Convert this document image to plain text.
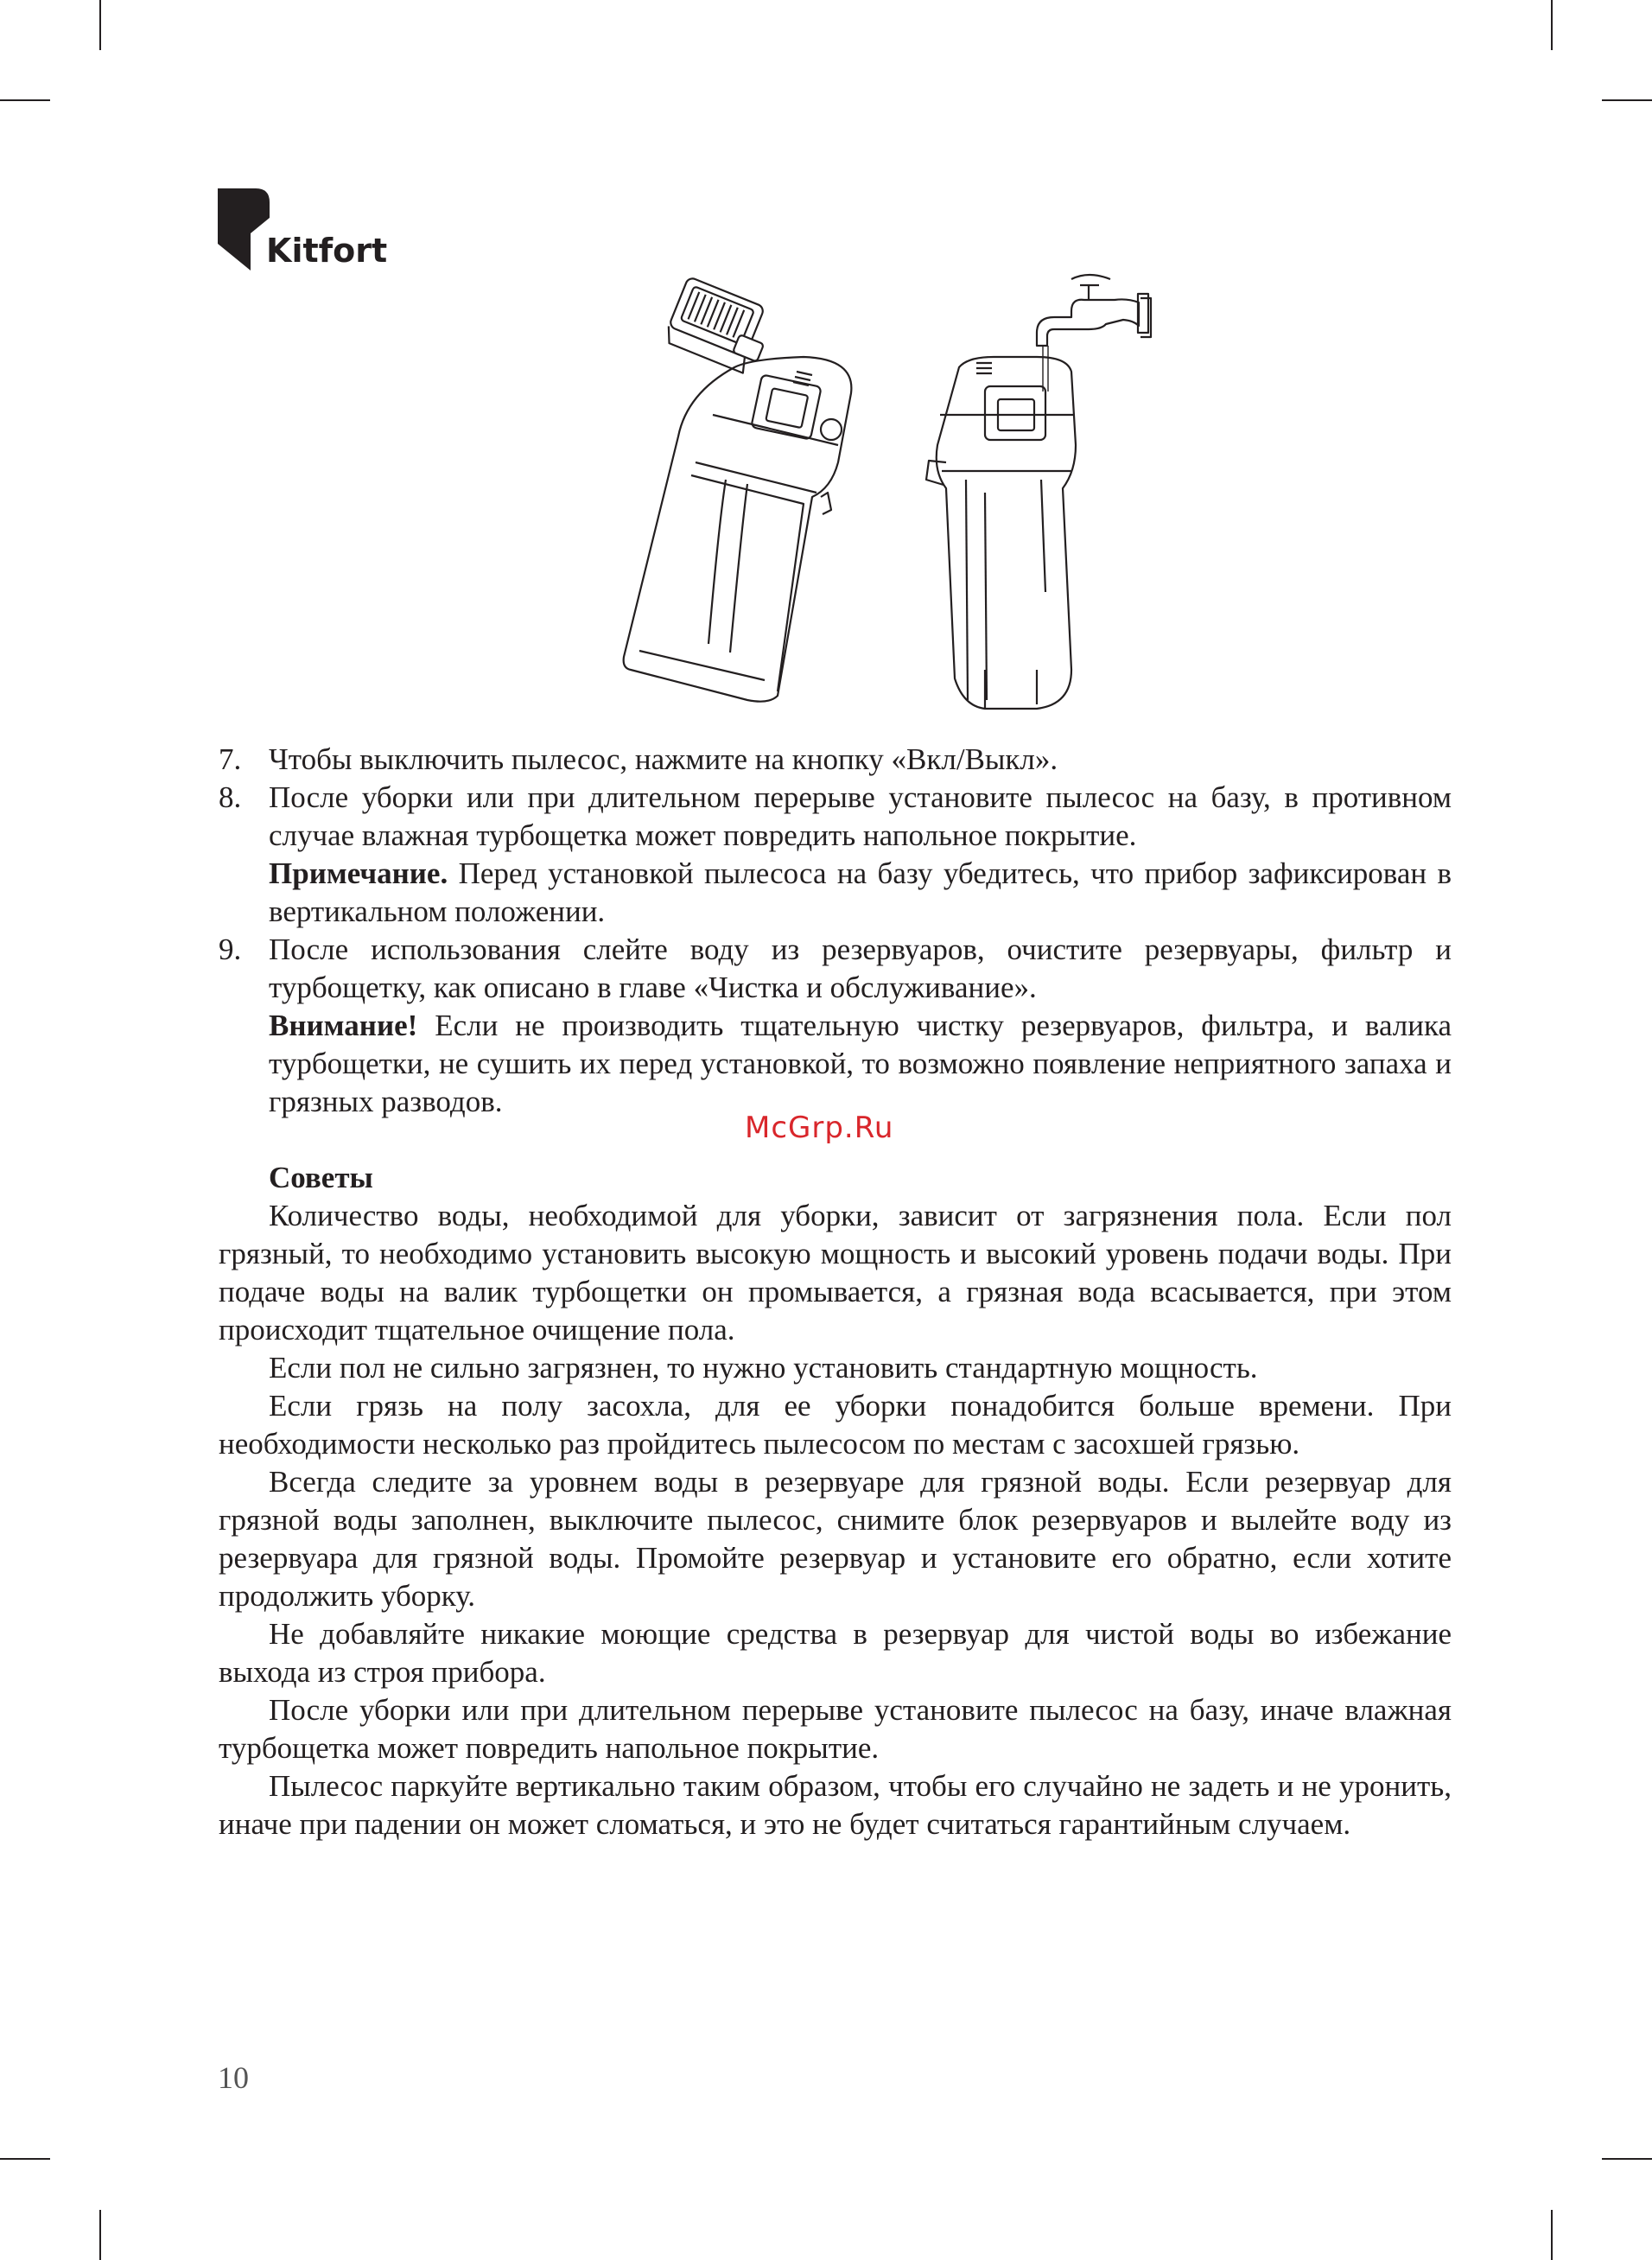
Kitfort
7. Чтобы выключить пылесос, нажмите на кнопку «Вкл/Выкл».

8. После уборки или при длительном перерыве установите пылесос на базу, в противном случае влажная турбощетка может повредить напольное покрытие.

Примечание. Перед установкой пылесоса на базу убедитесь, что прибор зафиксирован в вертикальном положении.

9. После использования слейте воду из резервуаров, очистите резервуары, фильтр и турбощетку, как описано в главе «Чистка и обслуживание».

Внимание! Если не производить тщательную чистку резервуаров, фильтра, и валика турбощетки, не сушить их перед установкой, то возможно появление неприятного запаха и грязных разводов.

Советы

Количество воды, необходимой для уборки, зависит от загрязнения пола. Если пол грязный, то необходимо установить высокую мощность и высокий уровень подачи воды. При подаче воды на валик турбощетки он промывается, а грязная вода всасывается, при этом происходит тщательное очищение пола.

Если пол не сильно загрязнен, то нужно установить стандартную мощность.

Если грязь на полу засохла, для ее уборки понадобится больше времени. При необходимости несколько раз пройдитесь пылесосом по местам с засохшей грязью.

Всегда следите за уровнем воды в резервуаре для грязной воды. Если резервуар для грязной воды заполнен, выключите пылесос, снимите блок резервуаров и вылейте воду из резервуара для грязной воды. Промойте резервуар и установите его обратно, если хотите продолжить уборку.

Не добавляйте никакие моющие средства в резервуар для чистой воды во избежание выхода из строя прибора.

После уборки или при длительном перерыве установите пылесос на базу, иначе влажная турбощетка может повредить напольное покрытие.

Пылесос паркуйте вертикально таким образом, чтобы его случайно не задеть и не уронить, иначе при падении он может сломаться, и это не будет считаться гарантийным случаем.

McGrp.Ru
10
